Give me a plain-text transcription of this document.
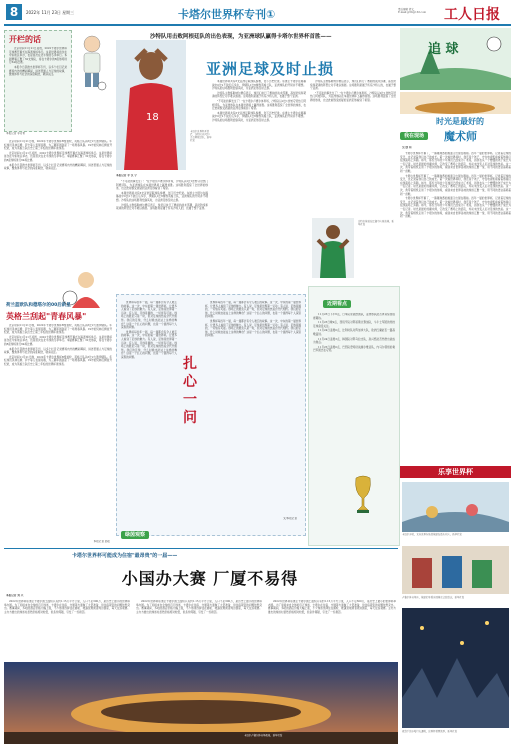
8	2022年 11月 23日 星期三	卡塔尔世界杯专刊①	责任编辑 胡文
E-mail:grrb@163.com 工人日报
开栏的话

北京时间11月21日凌晨，2022卡塔尔世界杯足球赛开幕式在海湾球场举行。这是世界杯首次在中东地区举办，也是首次在北半球的冬季举行。本届赛事汇聚了32支球队，将在卡塔尔的8座球场进行64场比赛。

本报今日起推出世界杯专刊，以多个栏目记录赛场内外的精彩瞬间，讲述普通人与足球的故事，聚焦体育与社会的深度联结，敬请关注。

本报记者 李丹青

北京时间11月21日晚，2022年卡塔尔世界杯B组首轮，英格兰队以6比2大胜伊朗队。年轻球员贝林厄姆、萨卡等人表现亮眼，为三狮军团刮起了一场青春风暴。19岁的贝林厄姆首开纪录，成为英格兰队历史上第二年轻的世界杯进球者。

北京时间11月21日凌晨，2022卡塔尔世界杯足球赛开幕式在海湾球场举行。这是世界杯首次在中东地区举办，也是首次在北半球的冬季举行。本届赛事汇聚了32支球队，将在卡塔尔的8座球场进行64场比赛。

本报今日起推出世界杯专刊，以多个栏目记录赛场内外的精彩瞬间，讲述普通人与足球的故事，聚焦体育与社会的深度联结，敬请关注。

荷兰蓝欧队和德塔尔的00后新星
英格兰刮起"青春风暴"

北京时间11月21日晚，2022年卡塔尔世界杯B组首轮，英格兰队以6比2大胜伊朗队。年轻球员贝林厄姆、萨卡等人表现亮眼，为三狮军团刮起了一场青春风暴。19岁的贝林厄姆首开纪录，成为英格兰队历史上第二年轻的世界杯进球者。

北京时间11月21日凌晨，2022卡塔尔世界杯足球赛开幕式在海湾球场举行。这是世界杯首次在中东地区举办，也是首次在北半球的冬季举行。本届赛事汇聚了32支球队，将在卡塔尔的8座球场进行64场比赛。

本报今日起推出世界杯专刊，以多个栏目记录赛场内外的精彩瞬间，讲述普通人与足球的故事，聚焦体育与社会的深度联结，敬请关注。

北京时间11月21日晚，2022年卡塔尔世界杯B组首轮，英格兰队以6比2大胜伊朗队。年轻球员贝林厄姆、萨卡等人表现亮眼，为三狮军团刮起了一场青春风暴。19岁的贝林厄姆首开纪录，成为英格兰队历史上第二年轻的世界杯进球者。

本报记者 邱松
沙特队用击败阿根廷队的出色表现，为亚洲球队赢得卡塔尔世界杯首胜——
亚洲足球及时止损
18
卡塔尔世界杯开幕后，沙特队以2比1力克阿根廷队。新华社发
本报记者 李 汉 宇

"不可能的事发生了！"在卡塔尔卢赛尔体育场，沙特队以2比1逆转夺冠热门阿根廷队，为亚洲球队在本届世界杯上赢得首胜。这场胜利震惊了全世界的球迷，也让此前饱受质疑的亚洲足球看到了希望。

本届世界杯共有6支亚洲足联球队参赛，创下历史纪录。东道主卡塔尔在揭幕战中0比2不敌厄瓜多尔，伊朗队1比6惨败英格兰队，亚洲球队的开局并不理想。沙特队的这场胜利恰逢其时，为亚洲足球及时止损。

沙特队主教练勒纳尔赛后表示，球员们执行了赛前的战术部署，高位防线和紧凑的阵型让对手难以施展。这场胜利是属于所有沙特人的，也属于整个亚洲。

本届世界杯共有6支亚洲足联球队参赛，创下历史纪录。东道主卡塔尔在揭幕战中0比2不敌厄瓜多尔，伊朗队1比6惨败英格兰队，亚洲球队的开局并不理想。沙特队的这场胜利恰逢其时，为亚洲足球及时止损。

沙特队主教练勒纳尔赛后表示，球员们执行了赛前的战术部署，高位防线和紧凑的阵型让对手难以施展。这场胜利是属于所有沙特人的，也属于整个亚洲。

"不可能的事发生了！"在卡塔尔卢赛尔体育场，沙特队以2比1逆转夺冠热门阿根廷队，为亚洲球队在本届世界杯上赢得首胜。这场胜利震惊了全世界的球迷，也让此前饱受质疑的亚洲足球看到了希望。

本届世界杯共有6支亚洲足联球队参赛，创下历史纪录。东道主卡塔尔在揭幕战中0比2不敌厄瓜多尔，伊朗队1比6惨败英格兰队，亚洲球队的开局并不理想。沙特队的这场胜利恰逢其时，为亚洲足球及时止损。

沙特队主教练勒纳尔赛后表示，球员们执行了赛前的战术部署，高位防线和紧凑的阵型让对手难以施展。这场胜利是属于所有沙特人的，也属于整个亚洲。

"不可能的事发生了！"在卡塔尔卢赛尔体育场，沙特队以2比1逆转夺冠热门阿根廷队，为亚洲球队在本届世界杯上赢得首胜。这场胜利震惊了全世界的球迷，也让此前饱受质疑的亚洲足球看到了希望。

沙特队球员在比赛中庆祝进球。新华社发
近期看点

11月23日下午6点，日本队迎战德国队，亚洲球队能否再造惊喜值得期待。

11月23日晚9点，西班牙队对阵哥斯达黎加队，斗牛士军团的传控足球备受关注。

11月24日凌晨0点，比利时队对阵加拿大队，欧洲红魔能否一路高歌猛进。

11月24日凌晨3点，韩国队对阵乌拉圭队，孙兴慜能否伤愈出战成为焦点。

11月25日凌晨0点，巴西队登场迎战塞尔维亚队，内马尔领衔的桑巴军团志在夺冠。

世界杯每四年一届，每一届都会有令人难忘的故事。这一次，中东的第一届世界杯，让更多人看到了足球的魅力。有人说，足球是世界第一运动；有人说，足球是圆的，一切皆有可能。球场上的胜负只是一时，但对足球的热爱会代代相传。我们的足球，什么时候也能站上这样的舞台？这是一个扎心的问题，也是一个值得每个人深思的问题。

世界杯每四年一届，每一届都会有令人难忘的故事。这一次，中东的第一届世界杯，让更多人看到了足球的魅力。有人说，足球是世界第一运动；有人说，足球是圆的，一切皆有可能。球场上的胜负只是一时，但对足球的热爱会代代相传。我们的足球，什么时候也能站上这样的舞台？这是一个扎心的问题，也是一个值得每个人深思的问题。	扎心一问

世界杯每四年一届，每一届都会有令人难忘的故事。这一次，中东的第一届世界杯，让更多人看到了足球的魅力。有人说，足球是世界第一运动；有人说，足球是圆的，一切皆有可能。球场上的胜负只是一时，但对足球的热爱会代代相传。我们的足球，什么时候也能站上这样的舞台？这是一个扎心的问题，也是一个值得每个人深思的问题。

世界杯每四年一届，每一届都会有令人难忘的故事。这一次，中东的第一届世界杯，让更多人看到了足球的魅力。有人说，足球是世界第一运动；有人说，足球是圆的，一切皆有可能。球场上的胜负只是一时，但对足球的热爱会代代相传。我们的足球，什么时候也能站上这样的舞台？这是一个扎心的问题，也是一个值得每个人深思的问题。

文/本报记者
绿茵观察
追 球
我在现场
时光是最好的
魔术师
吴 欣 荷

卡塔尔世界杯开幕了，一幕幕熟悉的画面又出现在眼前。四年一届的世界杯，记录着足球的变迁，也记录着我们自己的成长。第一次看世界杯时，我还是个孩子，守在电视机前看着球星们在绿茵场上奔跑。如今，那些当年的少年球员已经成为了老将，而我也从一个懵懂的孩子成长为一名记者。时光是最好的魔术师，它改变了赛场上的面孔，却从未改变人们对足球的热爱。这一次，我带着相机走进了卡塔尔的球场，看到来自世界各地的球迷汇聚一堂，用不同的语言高唱着同一首歌。

卡塔尔世界杯开幕了，一幕幕熟悉的画面又出现在眼前。四年一届的世界杯，记录着足球的变迁，也记录着我们自己的成长。第一次看世界杯时，我还是个孩子，守在电视机前看着球星们在绿茵场上奔跑。如今，那些当年的少年球员已经成为了老将，而我也从一个懵懂的孩子成长为一名记者。时光是最好的魔术师，它改变了赛场上的面孔，却从未改变人们对足球的热爱。这一次，我带着相机走进了卡塔尔的球场，看到来自世界各地的球迷汇聚一堂，用不同的语言高唱着同一首歌。

卡塔尔世界杯开幕了，一幕幕熟悉的画面又出现在眼前。四年一届的世界杯，记录着足球的变迁，也记录着我们自己的成长。第一次看世界杯时，我还是个孩子，守在电视机前看着球星们在绿茵场上奔跑。如今，那些当年的少年球员已经成为了老将，而我也从一个懵懂的孩子成长为一名记者。时光是最好的魔术师，它改变了赛场上的面孔，却从未改变人们对足球的热爱。这一次，我带着相机走进了卡塔尔的球场，看到来自世界各地的球迷汇聚一堂，用不同的语言高唱着同一首歌。

乐享世界杯
卡塔尔多哈，来自世界各地的球迷在街头欢庆。新华社发
卢赛尔体育场外，球迷们身着各国球衣合影留念。新华社发
夜幕下的多哈灯火通明，世界杯氛围浓厚。新华社发
卡塔尔世界杯可能成为住宿"最昂贵"的一届——
小国办大赛 厂厦不易得
本报记者 刘 兴

2022年世界杯东道主卡塔尔国土面积只有约1.15万平方公里，人口不足300万，是历史上最小的世界杯举办国。为了迎接来自全球的百万球迷，卡塔尔在住宿、交通等方面做了大量准备，但住宿紧张的问题依然突出。赛事期间，多哈的酒店价格大幅上涨，不少球迷选择住在邮轮、帐篷营地或者周边国家，每天往返观赛。主办方推出的球迷村虽然价格相对较低，但条件简陋，引发了一些抱怨。

2022年世界杯东道主卡塔尔国土面积只有约1.15万平方公里，人口不足300万，是历史上最小的世界杯举办国。为了迎接来自全球的百万球迷，卡塔尔在住宿、交通等方面做了大量准备，但住宿紧张的问题依然突出。赛事期间，多哈的酒店价格大幅上涨，不少球迷选择住在邮轮、帐篷营地或者周边国家，每天往返观赛。主办方推出的球迷村虽然价格相对较低，但条件简陋，引发了一些抱怨。

2022年世界杯东道主卡塔尔国土面积只有约1.15万平方公里，人口不足300万，是历史上最小的世界杯举办国。为了迎接来自全球的百万球迷，卡塔尔在住宿、交通等方面做了大量准备，但住宿紧张的问题依然突出。赛事期间，多哈的酒店价格大幅上涨，不少球迷选择住在邮轮、帐篷营地或者周边国家，每天往返观赛。主办方推出的球迷村虽然价格相对较低，但条件简陋，引发了一些抱怨。

卡塔尔卢赛尔体育场夜景。新华社发
